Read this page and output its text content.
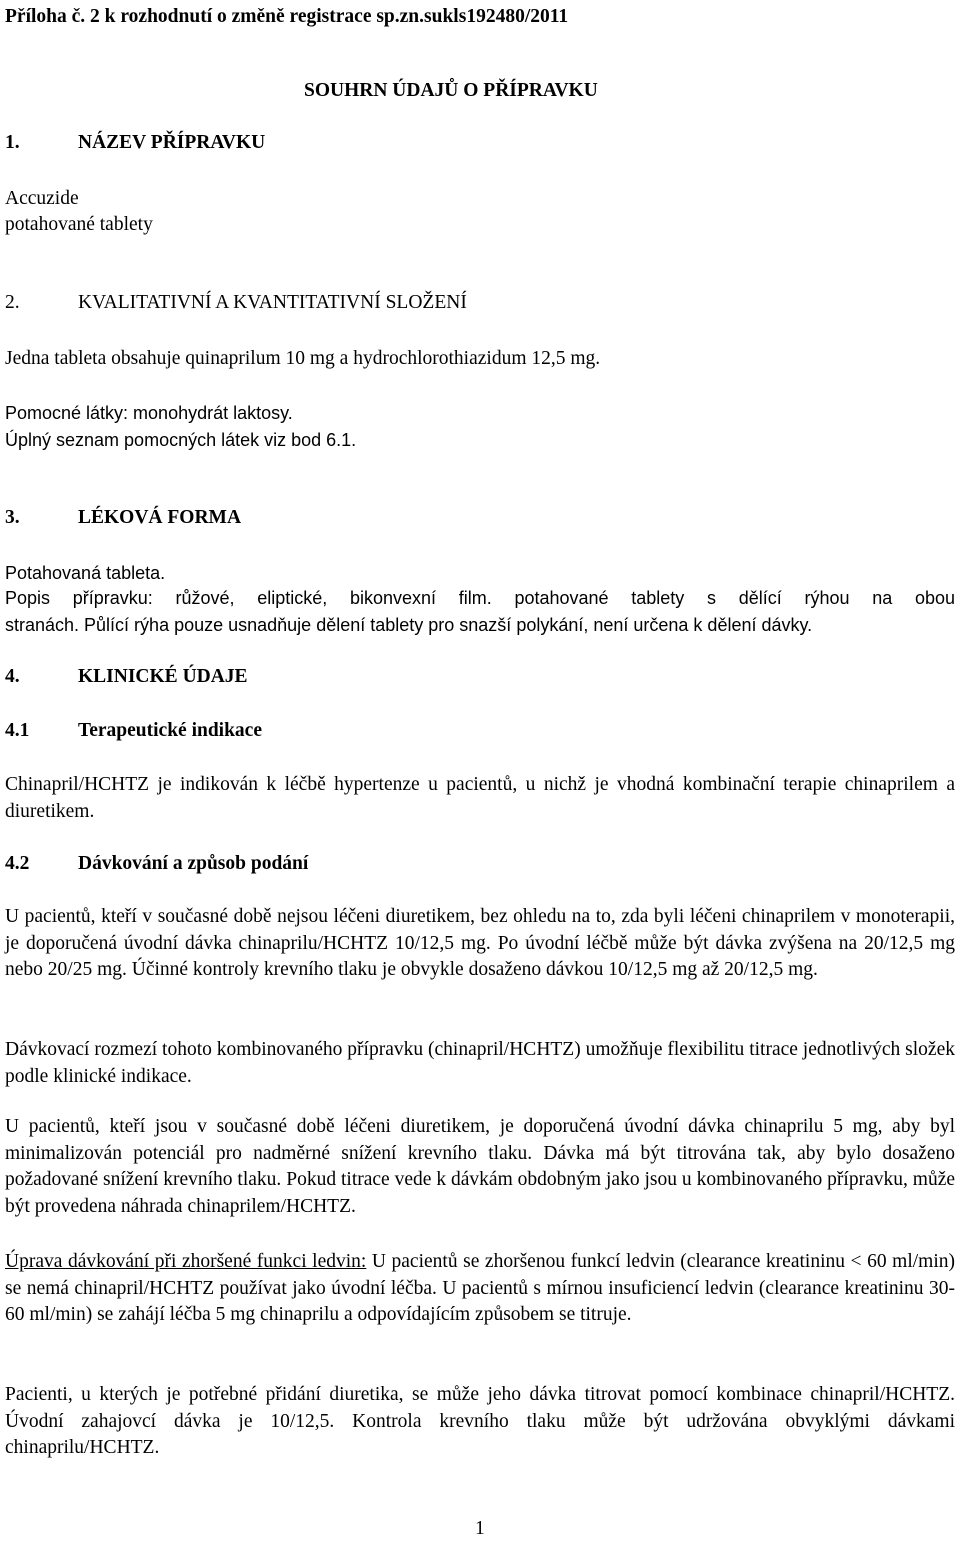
Příloha č. 2 k rozhodnutí o změně registrace sp.zn.sukls192480/2011
SOUHRN ÚDAJŮ O PŘÍPRAVKU
1.	NÁZEV PŘÍPRAVKU
Accuzide
potahované tablety
2.	KVALITATIVNÍ A KVANTITATIVNÍ SLOŽENÍ
Jedna tableta obsahuje quinaprilum 10 mg a hydrochlorothiazidum 12,5 mg.
Pomocné látky: monohydrát laktosy.
Úplný seznam pomocných látek viz bod 6.1.
3.	LÉKOVÁ FORMA
Potahovaná tableta.
Popis přípravku: růžové, eliptické, bikonvexní film. potahované tablety s dělící rýhou na obou
stranách. Půlící rýha pouze usnadňuje dělení tablety pro snazší polykání, není určena k dělení dávky.
4.	KLINICKÉ ÚDAJE
4.1 Terapeutické indikace

Chinapril/HCHTZ je indikován k léčbě hypertenze u pacientů, u nichž je vhodná kombinační terapie chinaprilem a diuretikem.

4.2 Dávkování a způsob podání

U pacientů, kteří v současné době nejsou léčeni diuretikem, bez ohledu na to, zda byli léčeni chinaprilem v monoterapii, je doporučená úvodní dávka chinaprilu/HCHTZ 10/12,5 mg. Po úvodní léčbě může být dávka zvýšena na 20/12,5 mg nebo 20/25 mg. Účinné kontroly krevního tlaku je obvykle dosaženo dávkou 10/12,5 mg až 20/12,5 mg.

Dávkovací rozmezí tohoto kombinovaného přípravku (chinapril/HCHTZ) umožňuje flexibilitu titrace jednotlivých složek podle klinické indikace.

U pacientů, kteří jsou v současné době léčeni diuretikem, je doporučená úvodní dávka chinaprilu 5 mg, aby byl minimalizován potenciál pro nadměrné snížení krevního tlaku. Dávka má být titrována tak, aby bylo dosaženo požadované snížení krevního tlaku. Pokud titrace vede k dávkám obdobným jako jsou u kombinovaného přípravku, může být provedena náhrada chinaprilem/HCHTZ.

Úprava dávkování při zhoršené funkci ledvin: U pacientů se zhoršenou funkcí ledvin (clearance kreatininu < 60 ml/min) se nemá chinapril/HCHTZ používat jako úvodní léčba. U pacientů s mírnou insuficiencí ledvin (clearance kreatininu 30-60 ml/min) se zahájí léčba 5 mg chinaprilu a odpovídajícím způsobem se titruje.

Pacienti, u kterých je potřebné přidání diuretika, se může jeho dávka titrovat pomocí kombinace chinapril/HCHTZ. Úvodní zahajovcí dávka je 10/12,5. Kontrola krevního tlaku může být udržována obvyklými dávkami chinaprilu/HCHTZ.

1
